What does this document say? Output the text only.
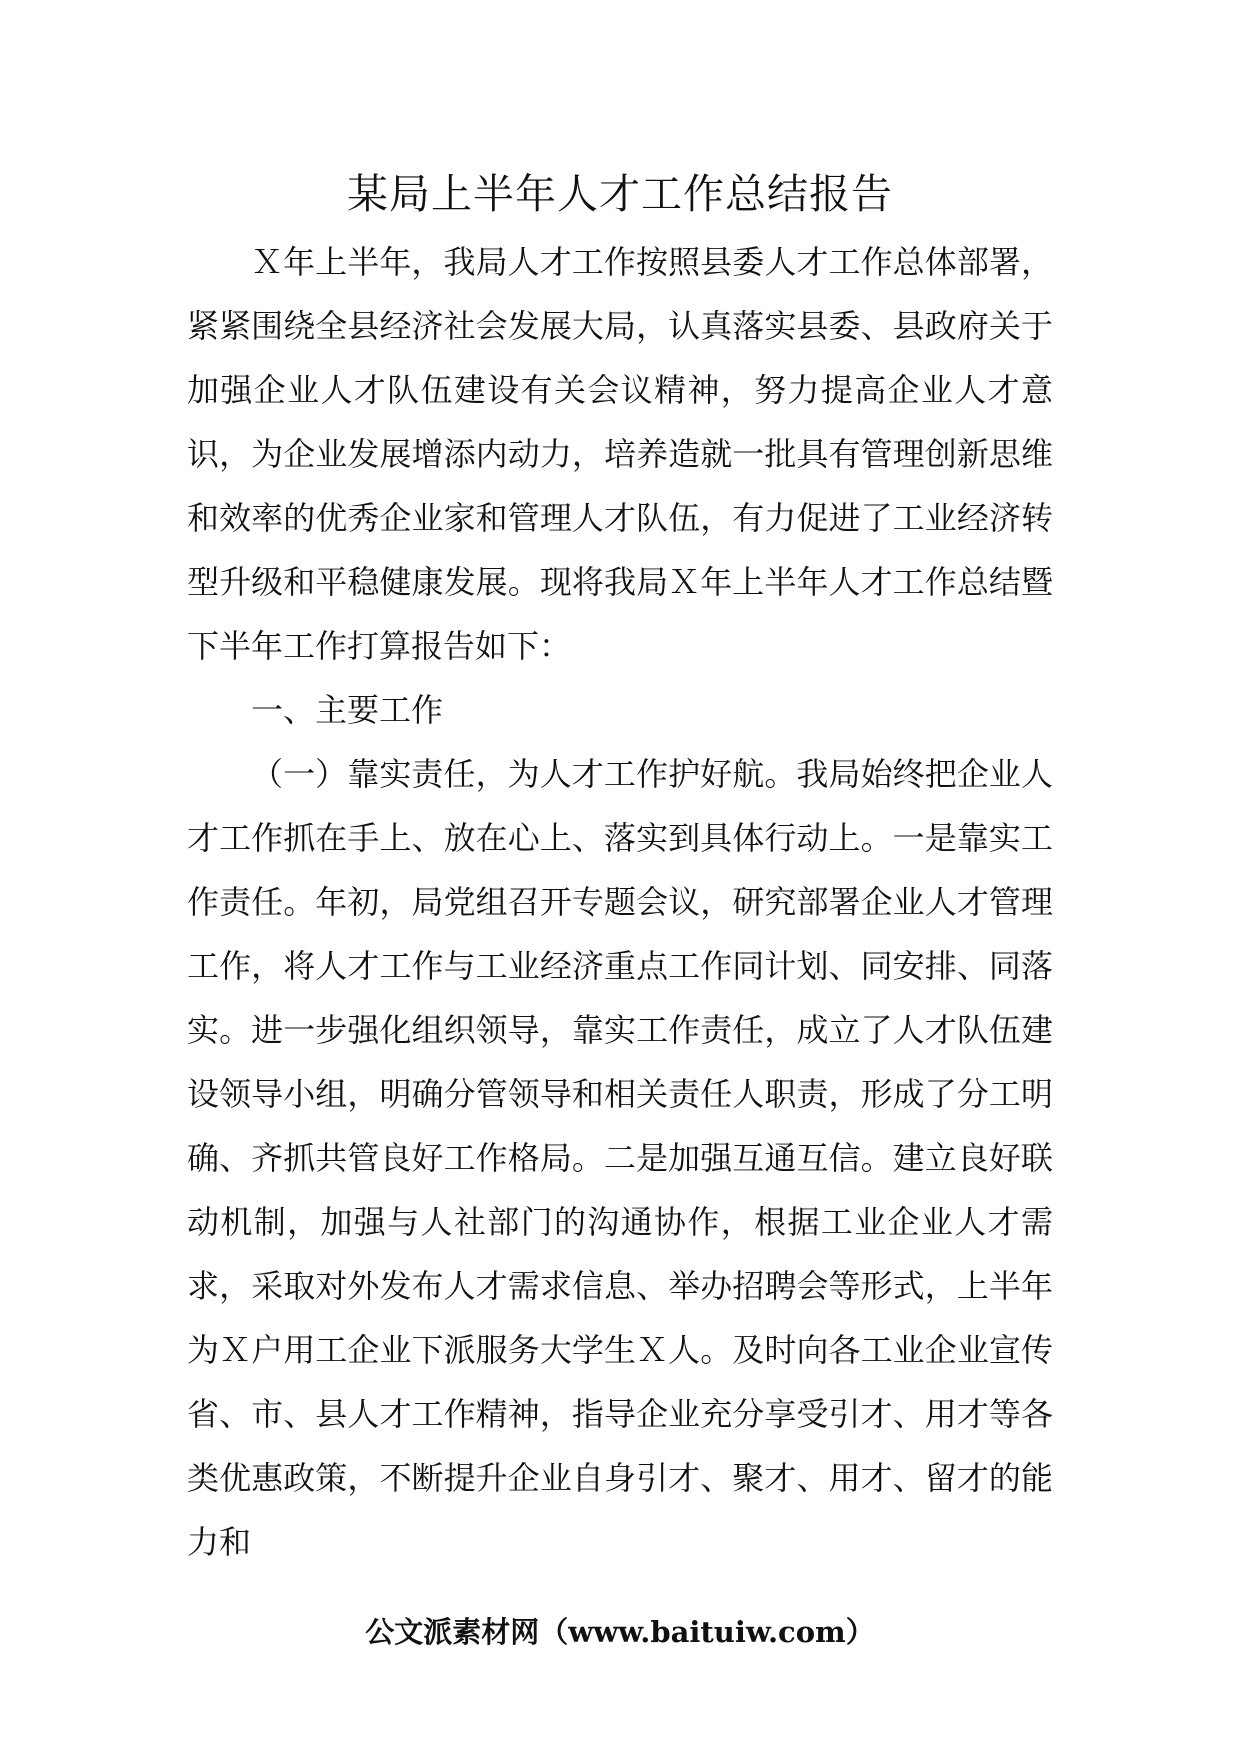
某局上半年人才工作总结报告

Ｘ年上半年，我局人才工作按照县委人才工作总体部署，紧紧围绕全县经济社会发展大局，认真落实县委、县政府关于加强企业人才队伍建设有关会议精神，努力提高企业人才意识，为企业发展增添内动力，培养造就一批具有管理创新思维和效率的优秀企业家和管理人才队伍，有力促进了工业经济转型升级和平稳健康发展。现将我局Ｘ年上半年人才工作总结暨下半年工作打算报告如下：

一、主要工作

（一）靠实责任，为人才工作护好航。我局始终把企业人才工作抓在手上、放在心上、落实到具体行动上。一是靠实工作责任。年初，局党组召开专题会议，研究部署企业人才管理工作，将人才工作与工业经济重点工作同计划、同安排、同落实。进一步强化组织领导，靠实工作责任，成立了人才队伍建设领导小组，明确分管领导和相关责任人职责，形成了分工明确、齐抓共管良好工作格局。二是加强互通互信。建立良好联动机制，加强与人社部门的沟通协作，根据工业企业人才需求，采取对外发布人才需求信息、举办招聘会等形式，上半年为Ｘ户用工企业下派服务大学生Ｘ人。及时向各工业企业宣传省、市、县人才工作精神，指导企业充分享受引才、用才等各类优惠政策，不断提升企业自身引才、聚才、用才、留才的能力和

公文派素材网（www.baituiw.com）
